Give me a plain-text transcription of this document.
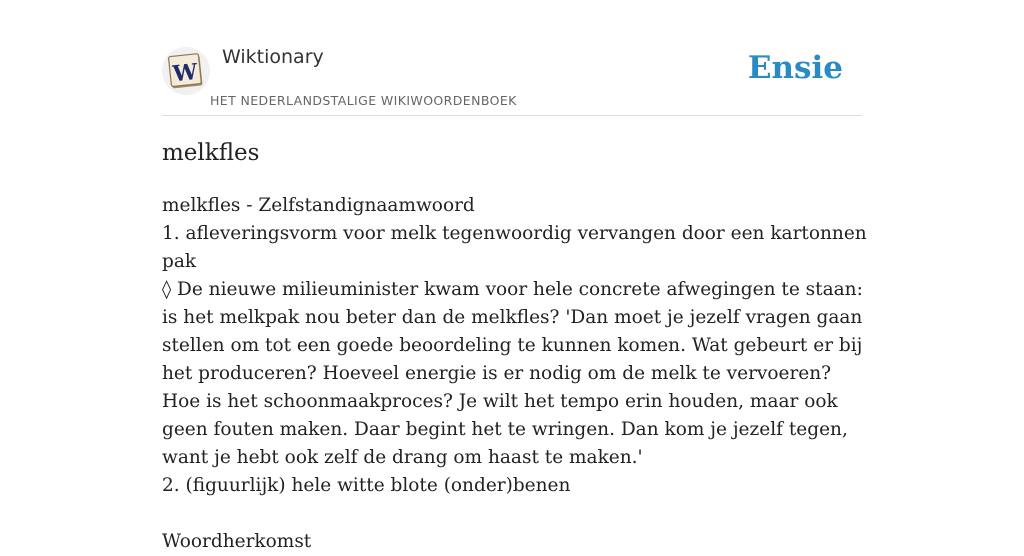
W
Wiktionary
HET NEDERLANDSTALIGE WIKIWOORDENBOEK
Ensie
melkfles

melkfles - Zelfstandignaamwoord

1. afleveringsvorm voor melk tegenwoordig vervangen door een kartonnen pak

◊ De nieuwe milieuminister kwam voor hele concrete afwegingen te staan: is het melkpak nou beter dan de melkfles? 'Dan moet je jezelf vragen gaan stellen om tot een goede beoordeling te kunnen komen. Wat gebeurt er bij het produceren? Hoeveel energie is er nodig om de melk te vervoeren? Hoe is het schoonmaakproces? Je wilt het tempo erin houden, maar ook geen fouten maken. Daar begint het te wringen. Dan kom je jezelf tegen, want je hebt ook zelf de drang om haast te maken.'

2. (figuurlijk) hele witte blote (onder)benen

Woordherkomst
